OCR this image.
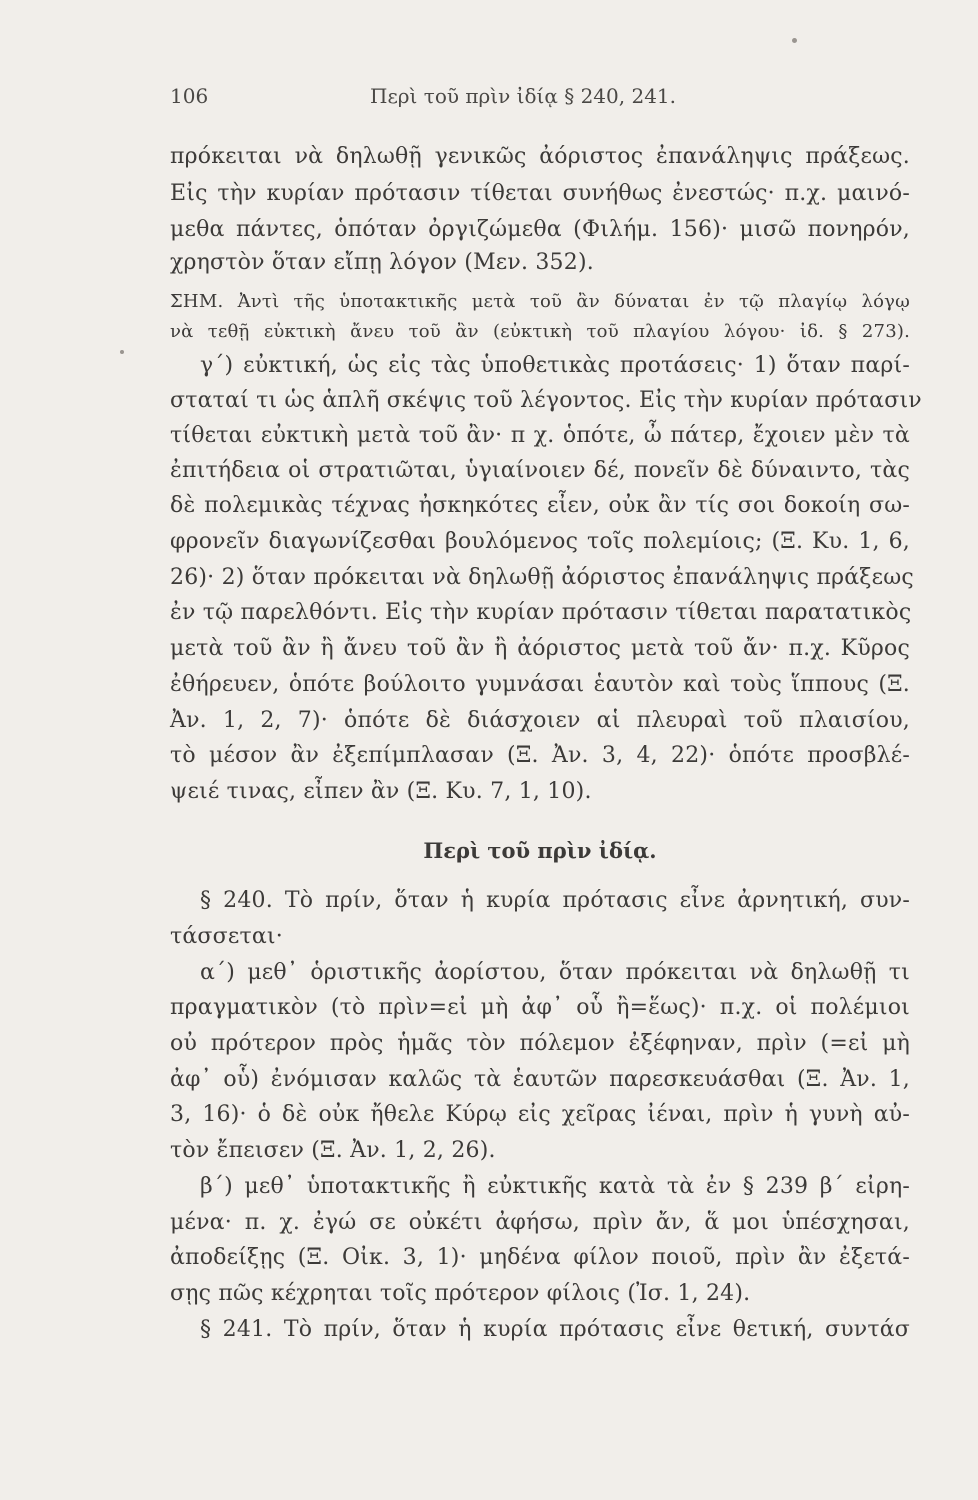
106	Περὶ τοῦ πρὶν ἰδίᾳ § 240, 241.
πρόκειται νὰ δηλωθῇ γενικῶς ἀόριστος ἐπανάληψις πράξεως.
Εἰς τὴν κυρίαν πρότασιν τίθεται συνήθως ἐνεστώς· π.χ. μαινό-
μεθα πάντες, ὁπόταν ὀργιζώμεθα (Φιλήμ. 156)· μισῶ πονηρόν,
χρηστὸν ὅταν εἴπῃ λόγον (Μεν. 352).
ΣΗΜ. Ἀντὶ τῆς ὑποτακτικῆς μετὰ τοῦ ἂν δύναται ἐν τῷ πλαγίῳ λόγῳ
νὰ τεθῇ εὐκτικὴ ἄνευ τοῦ ἂν (εὐκτικὴ τοῦ πλαγίου λόγου· ἰδ. § 273).
γ΄) εὐκτική, ὡς εἰς τὰς ὑποθετικὰς προτάσεις· 1) ὅταν παρί-
σταταί τι ὡς ἁπλῆ σκέψις τοῦ λέγοντος. Εἰς τὴν κυρίαν πρότασιν
τίθεται εὐκτικὴ μετὰ τοῦ ἂν· π χ. ὁπότε, ὦ πάτερ, ἔχοιεν μὲν τὰ
ἐπιτήδεια οἱ στρατιῶται, ὑγιαίνοιεν δέ, πονεῖν δὲ δύναιντο, τὰς
δὲ πολεμικὰς τέχνας ἠσκηκότες εἶεν, οὐκ ἂν τίς σοι δοκοίη σω-
φρονεῖν διαγωνίζεσθαι βουλόμενος τοῖς πολεμίοις; (Ξ. Κυ. 1, 6,
26)· 2) ὅταν πρόκειται νὰ δηλωθῇ ἀόριστος ἐπανάληψις πράξεως
ἐν τῷ παρελθόντι. Εἰς τὴν κυρίαν πρότασιν τίθεται παρατατικὸς
μετὰ τοῦ ἂν ἢ ἄνευ τοῦ ἂν ἢ ἀόριστος μετὰ τοῦ ἄν· π.χ. Κῦρος
ἐθήρευεν, ὁπότε βούλοιτο γυμνάσαι ἑαυτὸν καὶ τοὺς ἵππους (Ξ.
Ἀν. 1, 2, 7)· ὁπότε δὲ διάσχοιεν αἱ πλευραὶ τοῦ πλαισίου,
τὸ μέσον ἂν ἐξεπίμπλασαν (Ξ. Ἀν. 3, 4, 22)· ὁπότε προσβλέ-
ψειέ τινας, εἶπεν ἂν (Ξ. Κυ. 7, 1, 10).
Περὶ τοῦ πρὶν ἰδίᾳ.
§ 240. Τὸ πρίν, ὅταν ἡ κυρία πρότασις εἶνε ἀρνητική, συν-
τάσσεται·
α΄) μεθ᾽ ὁριστικῆς ἀορίστου, ὅταν πρόκειται νὰ δηλωθῇ τι
πραγματικὸν (τὸ πρὶν=εἰ μὴ ἀφ᾽ οὗ ἢ=ἕως)· π.χ. οἱ πολέμιοι
οὐ πρότερον πρὸς ἡμᾶς τὸν πόλεμον ἐξέφηναν, πρὶν (=εἰ μὴ
ἀφ᾽ οὗ) ἐνόμισαν καλῶς τὰ ἑαυτῶν παρεσκευάσθαι (Ξ. Ἀν. 1,
3, 16)· ὁ δὲ οὐκ ἤθελε Κύρῳ εἰς χεῖρας ἰέναι, πρὶν ἡ γυνὴ αὐ-
τὸν ἔπεισεν (Ξ. Ἀν. 1, 2, 26).
β΄) μεθ᾽ ὑποτακτικῆς ἢ εὐκτικῆς κατὰ τὰ ἐν § 239 β΄ εἰρη-
μένα· π. χ. ἐγώ σε οὐκέτι ἀφήσω, πρὶν ἄν, ἅ μοι ὑπέσχησαι,
ἀποδείξῃς (Ξ. Οἰκ. 3, 1)· μηδένα φίλον ποιοῦ, πρὶν ἂν ἐξετά-
σῃς πῶς κέχρηται τοῖς πρότερον φίλοις (Ἰσ. 1, 24).
§ 241. Τὸ πρίν, ὅταν ἡ κυρία πρότασις εἶνε θετική, συντάσ
